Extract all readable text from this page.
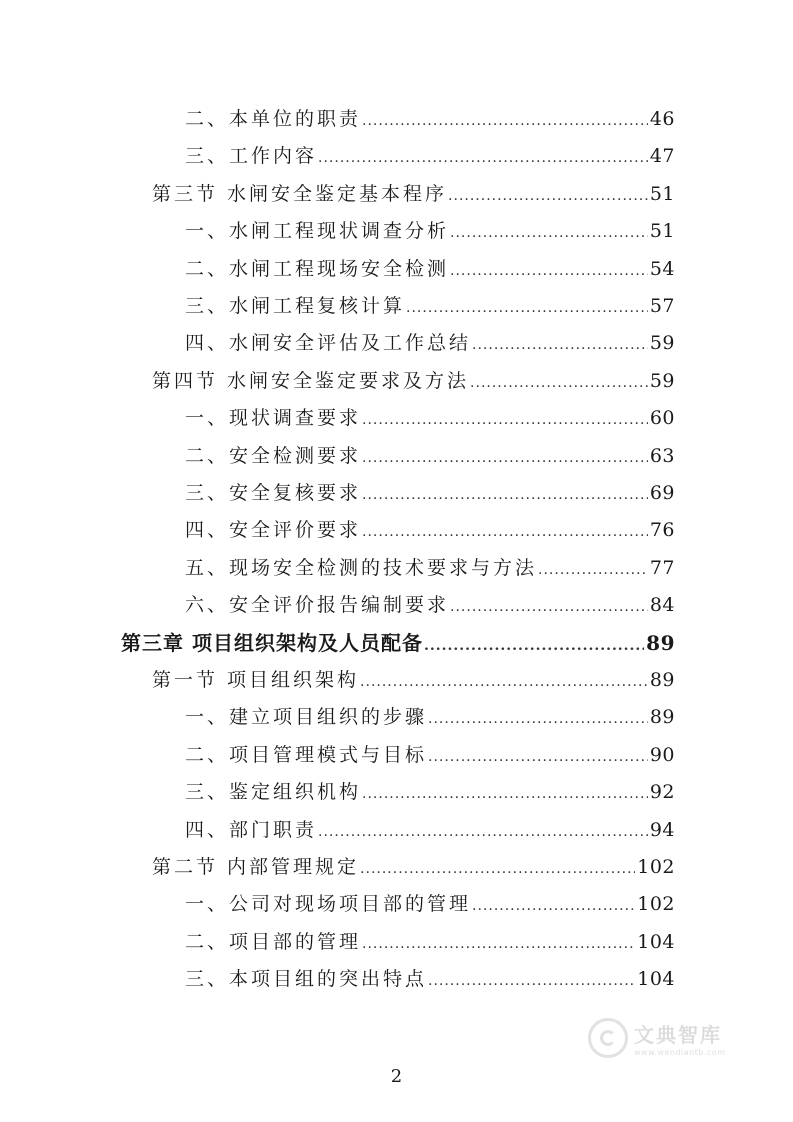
二、本单位的职责 .....	46
三、工作内容 .....	47
第三节 水闸安全鉴定基本程序 .....	51
一、水闸工程现状调查分析 .....	51
二、水闸工程现场安全检测 .....	54
三、水闸工程复核计算 .....	57
四、水闸安全评估及工作总结 .....	59
第四节 水闸安全鉴定要求及方法 .....	59
一、现状调查要求 .....	60
二、安全检测要求 .....	63
三、安全复核要求 .....	69
四、安全评价要求 .....	76
五、现场安全检测的技术要求与方法 .....	77
六、安全评价报告编制要求 .....	84
第三章 项目组织架构及人员配备 .....	89
第一节 项目组织架构 .....	89
一、建立项目组织的步骤 .....	89
二、项目管理模式与目标 .....	90
三、鉴定组织机构 .....	92
四、部门职责 .....	94
第二节 内部管理规定 .....	102
一、公司对现场项目部的管理 .....	102
二、项目部的管理 .....	104
三、本项目组的突出特点 .....	104
2
文典智库
www.wendiantb.com
